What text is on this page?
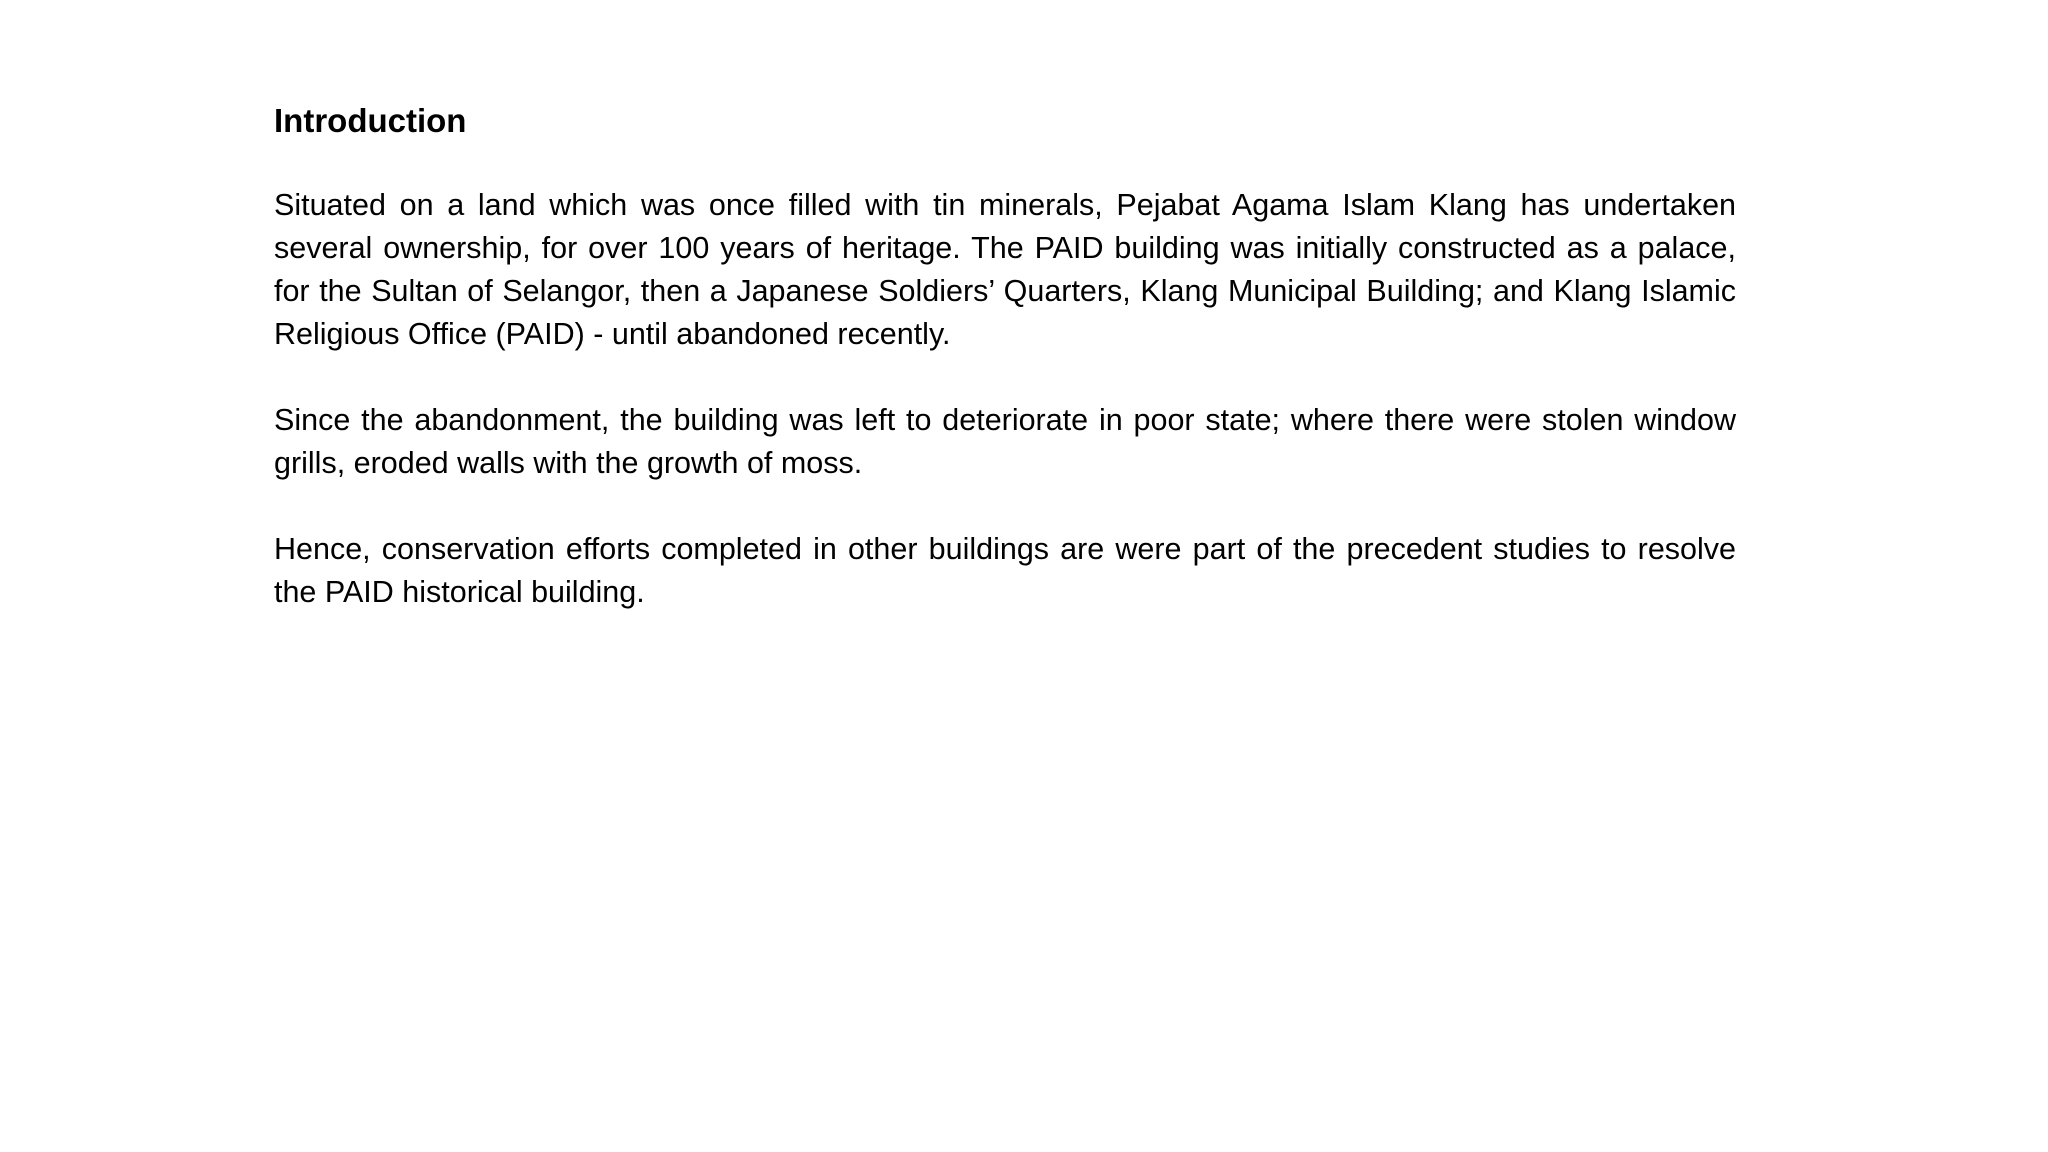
Introduction

Situated on a land which was once filled with tin minerals, Pejabat Agama Islam Klang has undertaken several ownership, for over 100 years of heritage. The PAID building was initially constructed as a palace, for the Sultan of Selangor, then a Japanese Soldiers’ Quarters, Klang Municipal Building; and Klang Islamic Religious Office (PAID) - until abandoned recently.

Since the abandonment, the building was left to deteriorate in poor state; where there were stolen window grills, eroded walls with the growth of moss.

Hence, conservation efforts completed in other buildings are were part of the precedent studies to resolve the PAID historical building.
